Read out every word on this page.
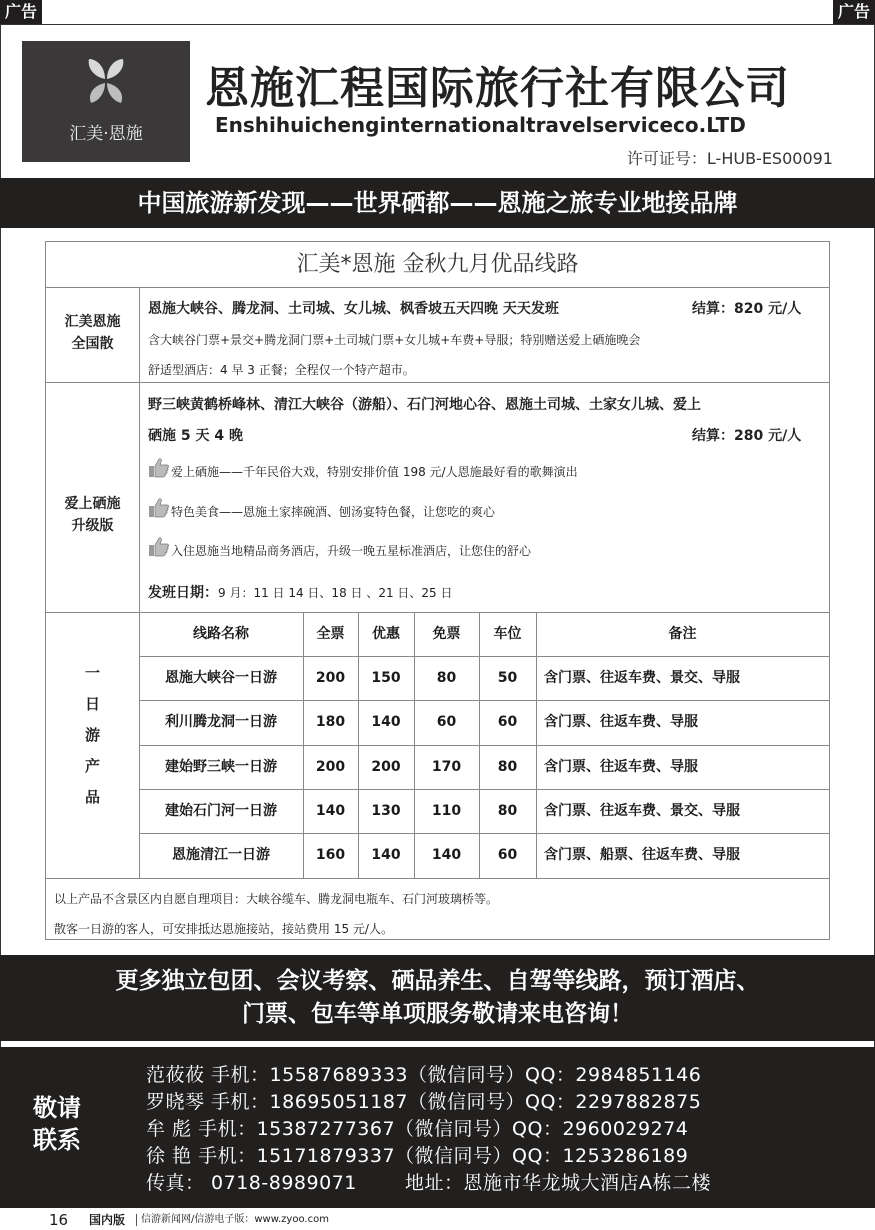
广告	广告
汇美·恩施
恩施汇程国际旅行社有限公司
Enshihuichenginternationaltravelserviceco.LTD
许可证号：L-HUB-ES00091
中国旅游新发现——世界硒都——恩施之旅专业地接品牌
汇美*恩施 金秋九月优品线路
汇美恩施
全国散
恩施大峡谷、腾龙洞、土司城、女儿城、枫香坡五天四晚 天天发班	结算：820 元/人
含大峡谷门票+景交+腾龙洞门票+土司城门票+女儿城+车费+导服；特别赠送爱上硒施晚会
舒适型酒店：4 早 3 正餐；全程仅一个特产超市。
爱上硒施
升级版
野三峡黄鹤桥峰林、清江大峡谷（游船）、石门河地心谷、恩施土司城、土家女儿城、爱上
硒施 5 天 4 晚	结算：280 元/人
爱上硒施——千年民俗大戏，特别安排价值 198 元/人恩施最好看的歌舞演出
特色美食——恩施土家摔碗酒、刨汤宴特色餐，让您吃的爽心
入住恩施当地精品商务酒店，升级一晚五星标准酒店，让您住的舒心
发班日期：9 月：11 日 14 日、18 日 、21 日、25 日
一
日
游
产
品
线路名称	全票	优惠	免票	车位	备注
恩施大峡谷一日游	200	150	80	50	含门票、往返车费、景交、导服
利川腾龙洞一日游	180	140	60	60	含门票、往返车费、导服
建始野三峡一日游	200	200	170	80	含门票、往返车费、导服
建始石门河一日游	140	130	110	80	含门票、往返车费、景交、导服
恩施清江一日游	160	140	140	60	含门票、船票、往返车费、导服
以上产品不含景区内自愿自理项目：大峡谷缆车、腾龙洞电瓶车、石门河玻璃桥等。
散客一日游的客人，可安排抵达恩施接站，接站费用 15 元/人。
更多独立包团、会议考察、硒品养生、自驾等线路，预订酒店、
门票、包车等单项服务敬请来电咨询！
敬请
联系
范莜莜 手机：15587689333（微信同号）QQ：2984851146
罗晓琴 手机：18695051187（微信同号）QQ：2297882875
牟 彪 手机：15387277367（微信同号）QQ：2960029274
徐 艳 手机：15171879337（微信同号）QQ：1253286189
传真： 0718-8989071	地址：恩施市华龙城大酒店A栋二楼
16 国内版 信游新闻网/信游电子版：www.zyoo.com
